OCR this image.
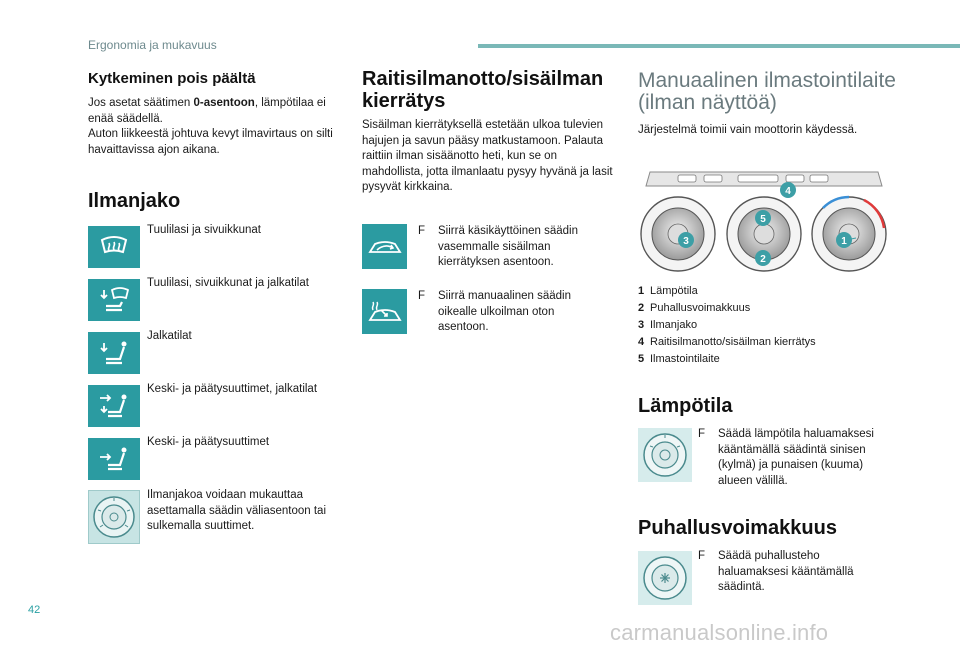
Ergonomia ja mukavuus
Kytkeminen pois päältä
Jos asetat säätimen 0-asentoon, lämpötilaa ei enää säädellä.
Auton liikkeestä johtuva kevyt ilmavirtaus on silti havaittavissa ajon aikana.
Ilmanjako
Tuulilasi ja sivuikkunat
Tuulilasi, sivuikkunat ja jalkatilat
Jalkatilat
Keski- ja päätysuuttimet, jalkatilat
Keski- ja päätysuuttimet
Ilmanjakoa voidaan mukauttaa asettamalla säädin väliasentoon tai sulkemalla suuttimet.
Raitisilmanotto/sisäilman
kierrätys
Sisäilman kierrätyksellä estetään ulkoa tulevien hajujen ja savun pääsy matkustamoon. Palauta raittiin ilman sisäänotto heti, kun se on mahdollista, jotta ilmanlaatu pysyy hyvänä ja lasit pysyvät kirkkaina.
F	Siirrä käsikäyttöinen säädin vasemmalle sisäilman kierrätyksen asentoon.
F	Siirrä manuaalinen säädin oikealle ulkoilman oton asentoon.
Manuaalinen ilmastointilaite
(ilman näyttöä)
Järjestelmä toimii vain moottorin käydessä.
1
2
3
4
5
1 Lämpötila
2 Puhallusvoimakkuus
3 Ilmanjako
4 Raitisilmanotto/sisäilman kierrätys
5 Ilmastointilaite
Lämpötila
F	Säädä lämpötila haluamaksesi kääntämällä säädintä sinisen (kylmä) ja punaisen (kuuma) alueen välillä.
Puhallusvoimakkuus
F	Säädä puhallusteho haluamaksesi kääntämällä säädintä.
42
carmanualsonline.info
